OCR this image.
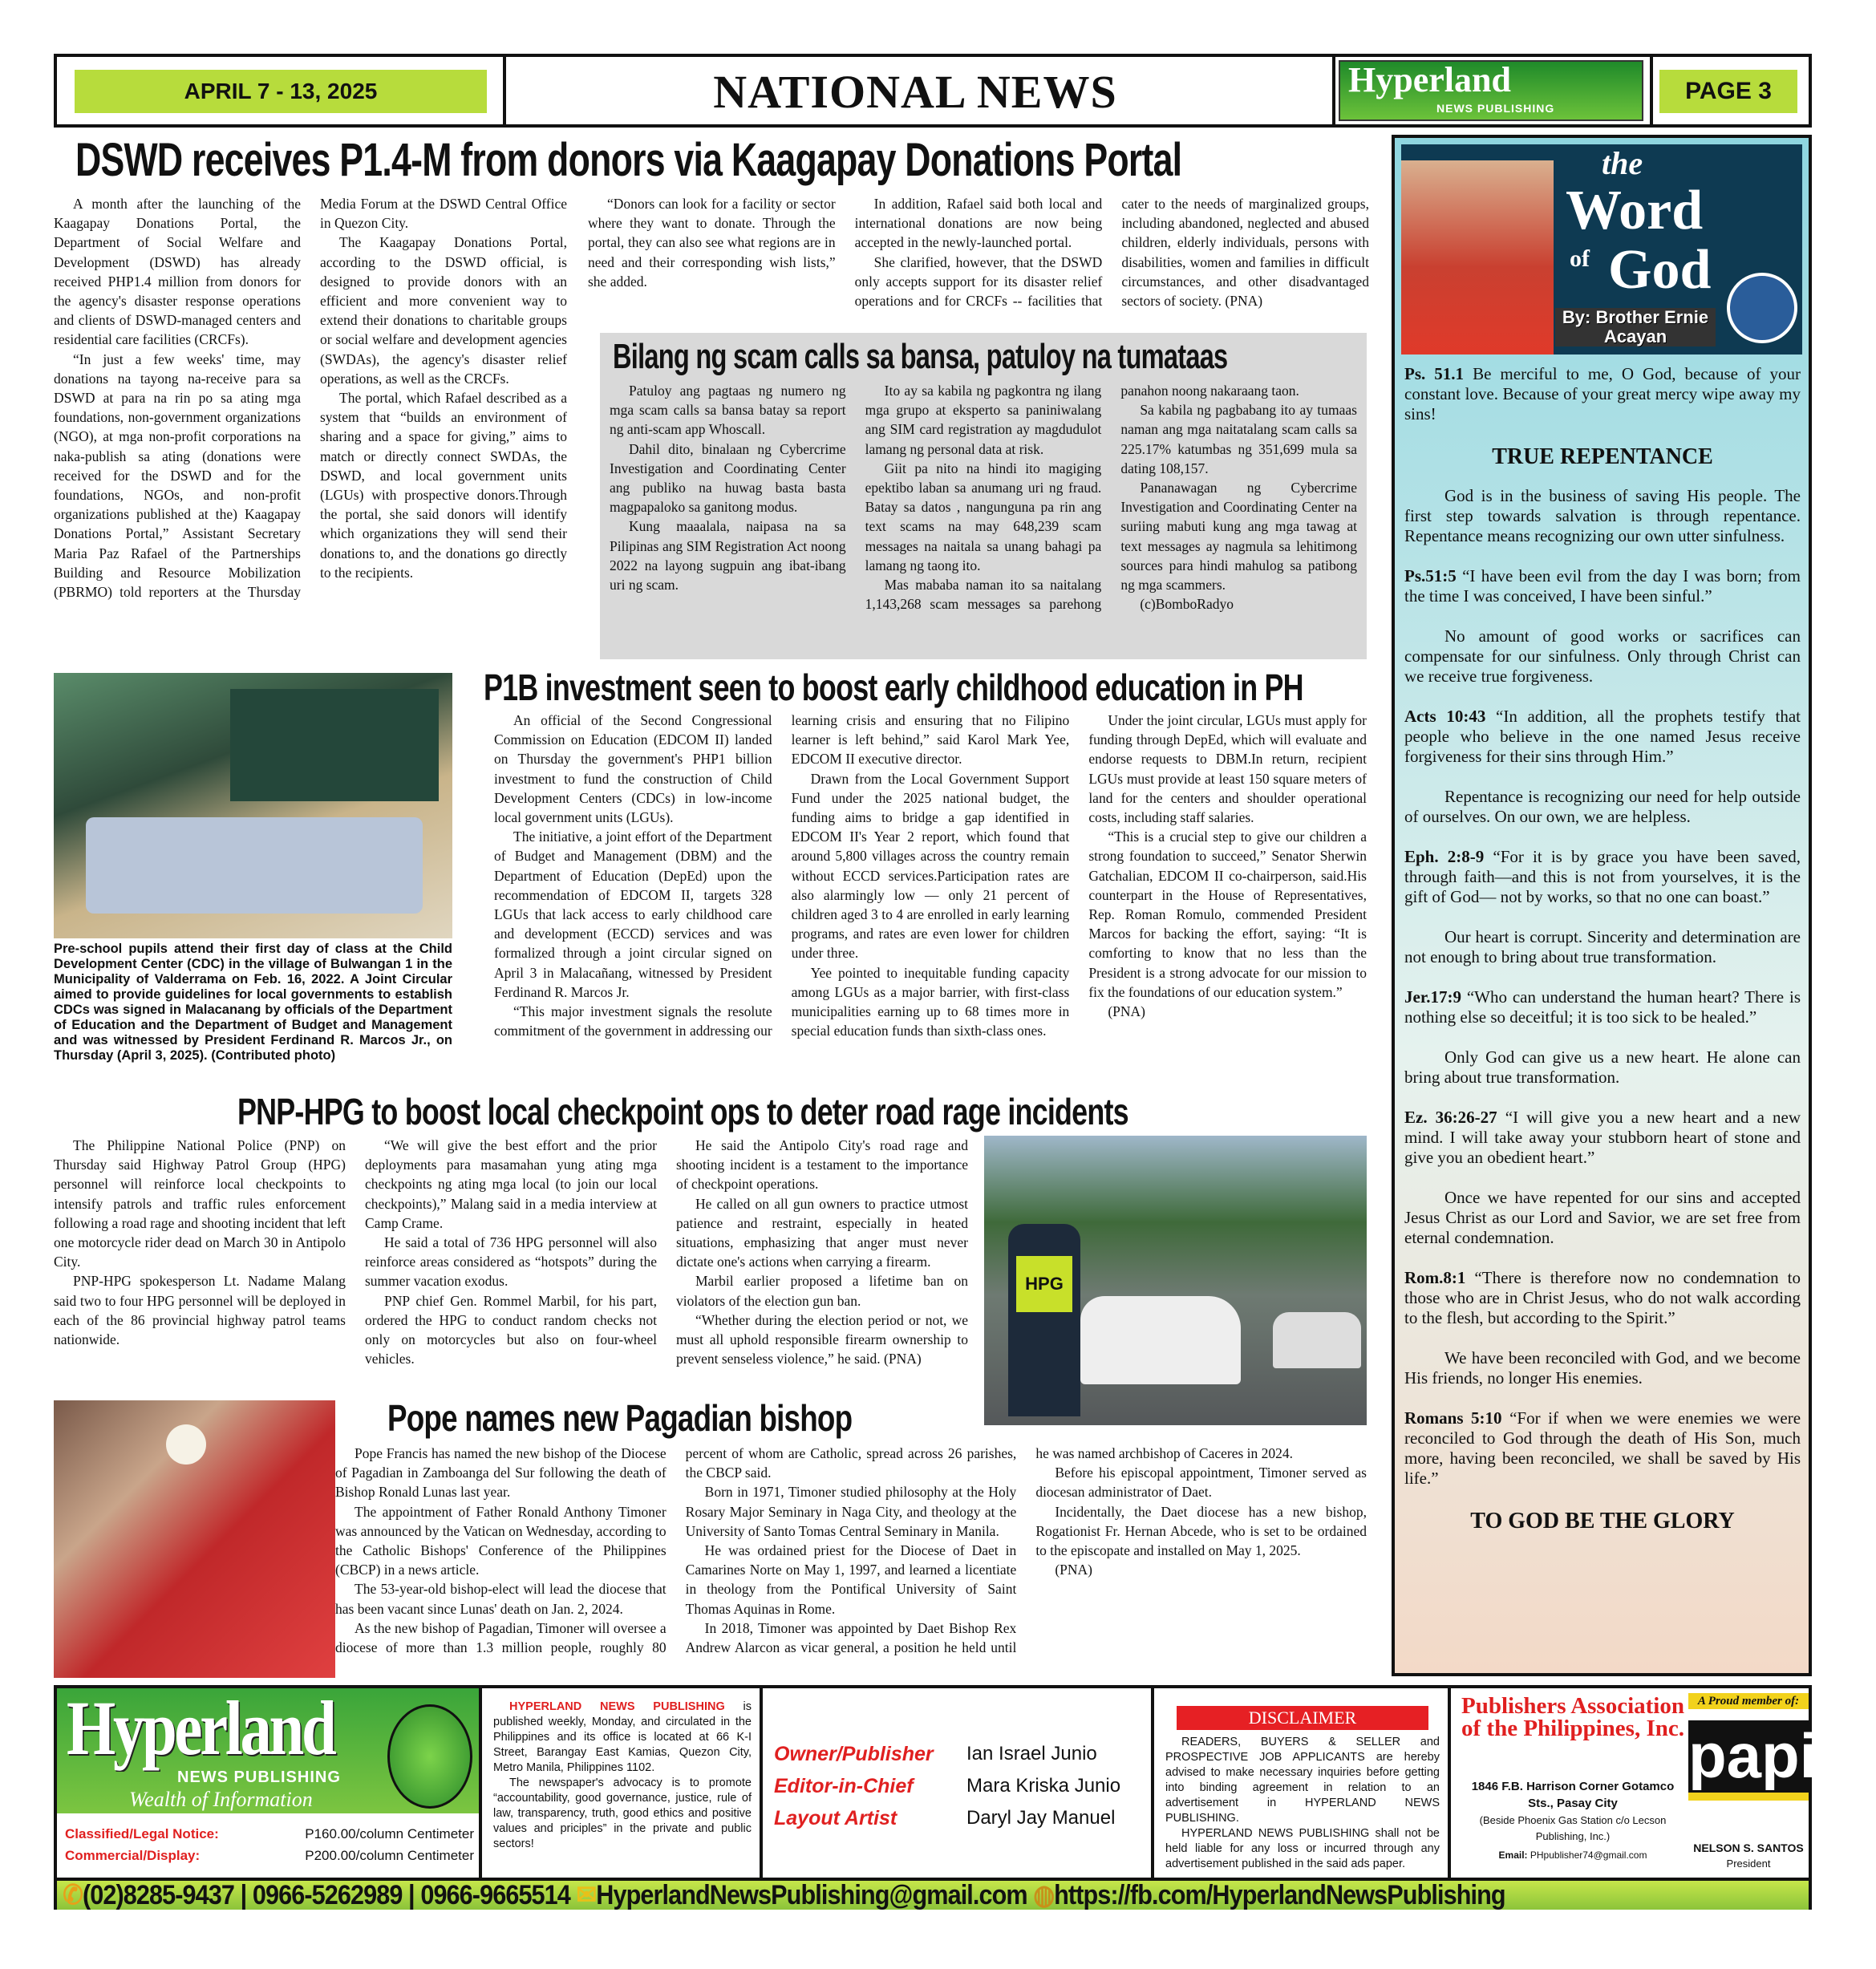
APRIL 7 - 13, 2025	NATIONAL NEWS	Hyperland
NEWS PUBLISHING
PAGE 3
DSWD receives P1.4-M from donors via Kaagapay Donations Portal

A month after the launching of the Kaagapay Donations Portal, the Department of Social Welfare and Development (DSWD) has already received PHP1.4 million from donors for the agency's disaster response operations and clients of DSWD-managed centers and residential care facilities (CRCFs).

“In just a few weeks' time, may donations na tayong na-receive para sa DSWD at para na rin po sa ating mga foundations, non-government organizations (NGO), at mga non-profit corporations na naka-publish sa ating (donations were received for the DSWD and for the foundations, NGOs, and non-profit organizations published at the) Kaagapay Donations Portal,” Assistant Secretary Maria Paz Rafael of the Partnerships Building and Resource Mobilization (PBRMO) told reporters at the Thursday Media Forum at the DSWD Central Office in Quezon City.

The Kaagapay Donations Portal, according to the DSWD official, is designed to provide donors with an efficient and more convenient way to extend their donations to charitable groups or social welfare and development agencies (SWDAs), the agency's disaster relief operations, as well as the CRCFs.

The portal, which Rafael described as a system that “builds an environment of sharing and a space for giving,” aims to match or directly connect SWDAs, the DSWD, and local government units (LGUs) with prospective donors.Through the portal, she said donors will identify which organizations they will send their donations to, and the donations go directly to the recipients.

“Donors can look for a facility or sector where they want to donate. Through the portal, they can also see what regions are in need and their corresponding wish lists,” she added.

In addition, Rafael said both local and international donations are now being accepted in the newly-launched portal.

She clarified, however, that the DSWD only accepts support for its disaster relief operations and for CRCFs -- facilities that cater to the needs of marginalized groups, including abandoned, neglected and abused children, elderly individuals, persons with disabilities, women and families in difficult circumstances, and other disadvantaged sectors of society. (PNA)

Bilang ng scam calls sa bansa, patuloy na tumataas

Patuloy ang pagtaas ng numero ng mga scam calls sa bansa batay sa report ng anti-scam app Whoscall.

Dahil dito, binalaan ng Cybercrime Investigation and Coordinating Center ang publiko na huwag basta basta magpapaloko sa ganitong modus.

Kung maaalala, naipasa na sa Pilipinas ang SIM Registration Act noong 2022 na layong sugpuin ang ibat-ibang uri ng scam.

Ito ay sa kabila ng pagkontra ng ilang mga grupo at eksperto sa paniniwalang ang SIM card registration ay magdudulot lamang ng personal data at risk.

Giit pa nito na hindi ito magiging epektibo laban sa anumang uri ng fraud. Batay sa datos , nangunguna pa rin ang text scams na may 648,239 scam messages na naitala sa unang bahagi pa lamang ng taong ito.

Mas mababa naman ito sa naitalang 1,143,268 scam messages sa parehong panahon noong nakaraang taon.

Sa kabila ng pagbabang ito ay tumaas naman ang mga naitatalang scam calls sa 225.17% katumbas ng 351,699 mula sa dating 108,157.

Pananawagan ng Cybercrime Investigation and Coordinating Center na suriing mabuti kung ang mga tawag at text messages ay nagmula sa lehitimong sources para hindi mahulog sa patibong ng mga scammers.

(c)BomboRadyo

Pre-school pupils attend their first day of class at the Child Development Center (CDC) in the village of Bulwangan 1 in the Municipality of Valderrama on Feb. 16, 2022. A Joint Circular aimed to provide guidelines for local governments to establish CDCs was signed in Malacanang by officials of the Department of Education and the Department of Budget and Management and was witnessed by President Ferdinand R. Marcos Jr., on Thursday (April 3, 2025). (Contributed photo)
P1B investment seen to boost early childhood education in PH

An official of the Second Congressional Commission on Education (EDCOM II) landed on Thursday the government's PHP1 billion investment to fund the construction of Child Development Centers (CDCs) in low-income local government units (LGUs).

The initiative, a joint effort of the Department of Budget and Management (DBM) and the Department of Education (DepEd) upon the recommendation of EDCOM II, targets 328 LGUs that lack access to early childhood care and development (ECCD) services and was formalized through a joint circular signed on April 3 in Malacañang, witnessed by President Ferdinand R. Marcos Jr.

“This major investment signals the resolute commitment of the government in addressing our learning crisis and ensuring that no Filipino learner is left behind,” said Karol Mark Yee, EDCOM II executive director.

Drawn from the Local Government Support Fund under the 2025 national budget, the funding aims to bridge a gap identified in EDCOM II's Year 2 report, which found that around 5,800 villages across the country remain without ECCD services.Participation rates are also alarmingly low — only 21 percent of children aged 3 to 4 are enrolled in early learning programs, and rates are even lower for children under three.

Yee pointed to inequitable funding capacity among LGUs as a major barrier, with first-class municipalities earning up to 68 times more in special education funds than sixth-class ones.

Under the joint circular, LGUs must apply for funding through DepEd, which will evaluate and endorse requests to DBM.In return, recipient LGUs must provide at least 150 square meters of land for the centers and shoulder operational costs, including staff salaries.

“This is a crucial step to give our children a strong foundation to succeed,” Senator Sherwin Gatchalian, EDCOM II co-chairperson, said.His counterpart in the House of Representatives, Rep. Roman Romulo, commended President Marcos for backing the effort, saying: “It is comforting to know that no less than the President is a strong advocate for our mission to fix the foundations of our education system.”

(PNA)

PNP-HPG to boost local checkpoint ops to deter road rage incidents

The Philippine National Police (PNP) on Thursday said Highway Patrol Group (HPG) personnel will reinforce local checkpoints to intensify patrols and traffic rules enforcement following a road rage and shooting incident that left one motorcycle rider dead on March 30 in Antipolo City.

PNP-HPG spokesperson Lt. Nadame Malang said two to four HPG personnel will be deployed in each of the 86 provincial highway patrol teams nationwide.

“We will give the best effort and the prior deployments para masamahan yung ating mga checkpoints ng ating mga local (to join our local checkpoints),” Malang said in a media interview at Camp Crame.

He said a total of 736 HPG personnel will also reinforce areas considered as “hotspots” during the summer vacation exodus.

PNP chief Gen. Rommel Marbil, for his part, ordered the HPG to conduct random checks not only on motorcycles but also on four-wheel vehicles.

He said the Antipolo City's road rage and shooting incident is a testament to the importance of checkpoint operations.

He called on all gun owners to practice utmost patience and restraint, especially in heated situations, emphasizing that anger must never dictate one's actions when carrying a firearm.

Marbil earlier proposed a lifetime ban on violators of the election gun ban.

“Whether during the election period or not, we must all uphold responsible firearm ownership to prevent senseless violence,” he said. (PNA)

HPG
Pope names new Pagadian bishop

Pope Francis has named the new bishop of the Diocese of Pagadian in Zamboanga del Sur following the death of Bishop Ronald Lunas last year.

The appointment of Father Ronald Anthony Timoner was announced by the Vatican on Wednesday, according to the Catholic Bishops' Conference of the Philippines (CBCP) in a news article.

The 53-year-old bishop-elect will lead the diocese that has been vacant since Lunas' death on Jan. 2, 2024.

As the new bishop of Pagadian, Timoner will oversee a diocese of more than 1.3 million people, roughly 80 percent of whom are Catholic, spread across 26 parishes, the CBCP said.

Born in 1971, Timoner studied philosophy at the Holy Rosary Major Seminary in Naga City, and theology at the University of Santo Tomas Central Seminary in Manila.

He was ordained priest for the Diocese of Daet in Camarines Norte on May 1, 1997, and learned a licentiate in theology from the Pontifical University of Saint Thomas Aquinas in Rome.

In 2018, Timoner was appointed by Daet Bishop Rex Andrew Alarcon as vicar general, a position he held until he was named archbishop of Caceres in 2024.

Before his episcopal appointment, Timoner served as diocesan administrator of Daet.

Incidentally, the Daet diocese has a new bishop, Rogationist Fr. Hernan Abcede, who is set to be ordained to the episcopate and installed on May 1, 2025.

(PNA)

the
Word
of God
By: Brother Ernie Acayan

Ps. 51.1 Be merciful to me, O God, because of your constant love. Because of your great mercy wipe away my sins!

TRUE REPENTANCE

God is in the business of saving His people. The first step towards salvation is through repentance. Repentance means recognizing our own utter sinfulness.

Ps.51:5 “I have been evil from the day I was born; from the time I was conceived, I have been sinful.”

No amount of good works or sacrifices can compensate for our sinfulness. Only through Christ can we receive true forgiveness.

Acts 10:43 “In addition, all the prophets testify that people who believe in the one named Jesus receive forgiveness for their sins through Him.”

Repentance is recognizing our need for help outside of ourselves. On our own, we are helpless.

Eph. 2:8-9 “For it is by grace you have been saved, through faith—and this is not from yourselves, it is the gift of God— not by works, so that no one can boast.”

Our heart is corrupt. Sincerity and determination are not enough to bring about true transformation.

Jer.17:9 “Who can understand the human heart? There is nothing else so deceitful; it is too sick to be healed.”

Only God can give us a new heart. He alone can bring about true transformation.

Ez. 36:26-27 “I will give you a new heart and a new mind. I will take away your stubborn heart of stone and give you an obedient heart.”

Once we have repented for our sins and accepted Jesus Christ as our Lord and Savior, we are set free from eternal condemnation.

Rom.8:1 “There is therefore now no condemnation to those who are in Christ Jesus, who do not walk according to the flesh, but according to the Spirit.”

We have been reconciled with God, and we become His friends, no longer His enemies.

Romans 5:10 “For if when we were enemies we were reconciled to God through the death of His Son, much more, having been reconciled, we shall be saved by His life.”

TO GOD BE THE GLORY
Hyperland
NEWS PUBLISHING
Wealth of Information
Classified/Legal Notice:	P160.00/column Centimeter
Commercial/Display:	P200.00/column Centimeter

HYPERLAND NEWS PUBLISHING is published weekly, Monday, and circulated in the Philippines and its office is located at 66 K-I Street, Barangay East Kamias, Quezon City, Metro Manila, Philippines 1102.

The newspaper's advocacy is to promote “accountability, good governance, justice, rule of law, transparency, truth, good ethics and positive values and priciples” in the private and public sectors!

Owner/Publisher	Ian Israel Junio
Editor-in-Chief	Mara Kriska Junio
Layout Artist	Daryl Jay Manuel
DISCLAIMER

READERS, BUYERS & SELLER and PROSPECTIVE JOB APPLICANTS are hereby advised to make necessary inquiries before getting into binding agreement in relation to an advertisement in HYPERLAND NEWS PUBLISHING.

HYPERLAND NEWS PUBLISHING shall not be held liable for any loss or incurred through any advertisement published in the said ads paper.

Publishers Association of the Philippines, Inc.
1846 F.B. Harrison Corner Gotamco Sts., Pasay City
(Beside Phoenix Gas Station c/o Lecson Publishing, Inc.)
Email: PHpublisher74@gmail.com
A Proud member of:
papi
NELSON S. SANTOS
President
✆(02)8285-9437 | 0966-5262989 | 0966-9665514 ✉HyperlandNewsPublishing@gmail.com ◍https://fb.com/HyperlandNewsPublishing
